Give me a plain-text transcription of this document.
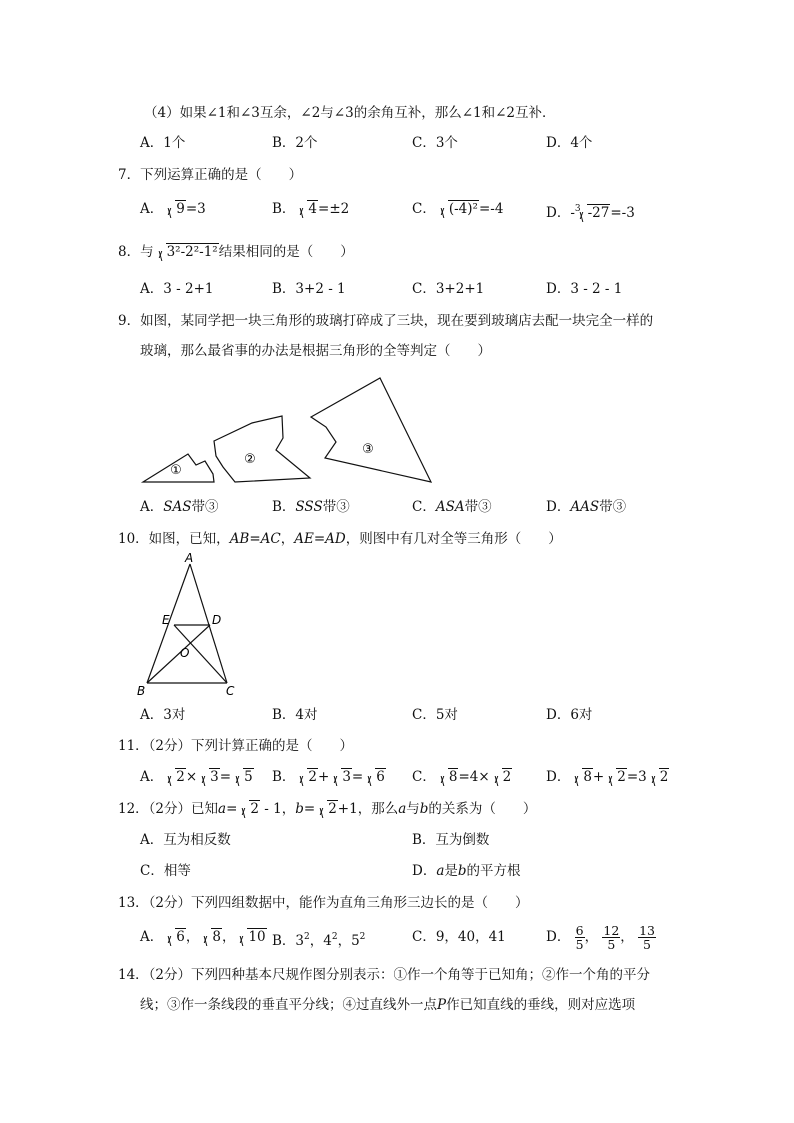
（4）如果∠1和∠3互余，∠2与∠3的余角互补，那么∠1和∠2互补．
A．1个	B．2个	C．3个	D．4个
7．下列运算正确的是（　　）
A． 9=3	B． 4=±2	C． (-4)²=-4	D．-$^3$ -27=-3
8．与 3²-2²-1²结果相同的是（　　）
A．3 - 2+1	B．3+2 - 1	C．3+2+1	D．3 - 2 - 1
9．如图，某同学把一块三角形的玻璃打碎成了三块，现在要到玻璃店去配一块完全一样的
玻璃，那么最省事的办法是根据三角形的全等判定（　　）
①
②
③
A．SAS带③	B．SSS带③	C．ASA带③	D．AAS带③
10．如图，已知，AB=AC，AE=AD，则图中有几对全等三角形（　　）
A
E	D
O
B	C
A．3对	B．4对	C．5对	D．6对
11．（2分）下列计算正确的是（　　）
A． 2× 3= 5 B． 2+ 3= 6 C． 8=4× 2	D． 8+ 2=3 2
12．（2分）已知a= 2 - 1，b= 2+1，那么a与b的关系为（　　）
A．互为相反数	B．互为倒数
C．相等	D．a是b的平方根
13．（2分）下列四组数据中，能作为直角三角形三边长的是（　　）
A． 6， 8， 10 B．$3^2$，$4^2$，$5^2$	C．9，40，41	D． $\frac{6}{5}$ ， $\frac{12}{5}$ ， $\frac{13}{5}$
14．（2分）下列四种基本尺规作图分别表示：①作一个角等于已知角；②作一个角的平分
线；③作一条线段的垂直平分线；④过直线外一点P作已知直线的垂线，则对应选项
